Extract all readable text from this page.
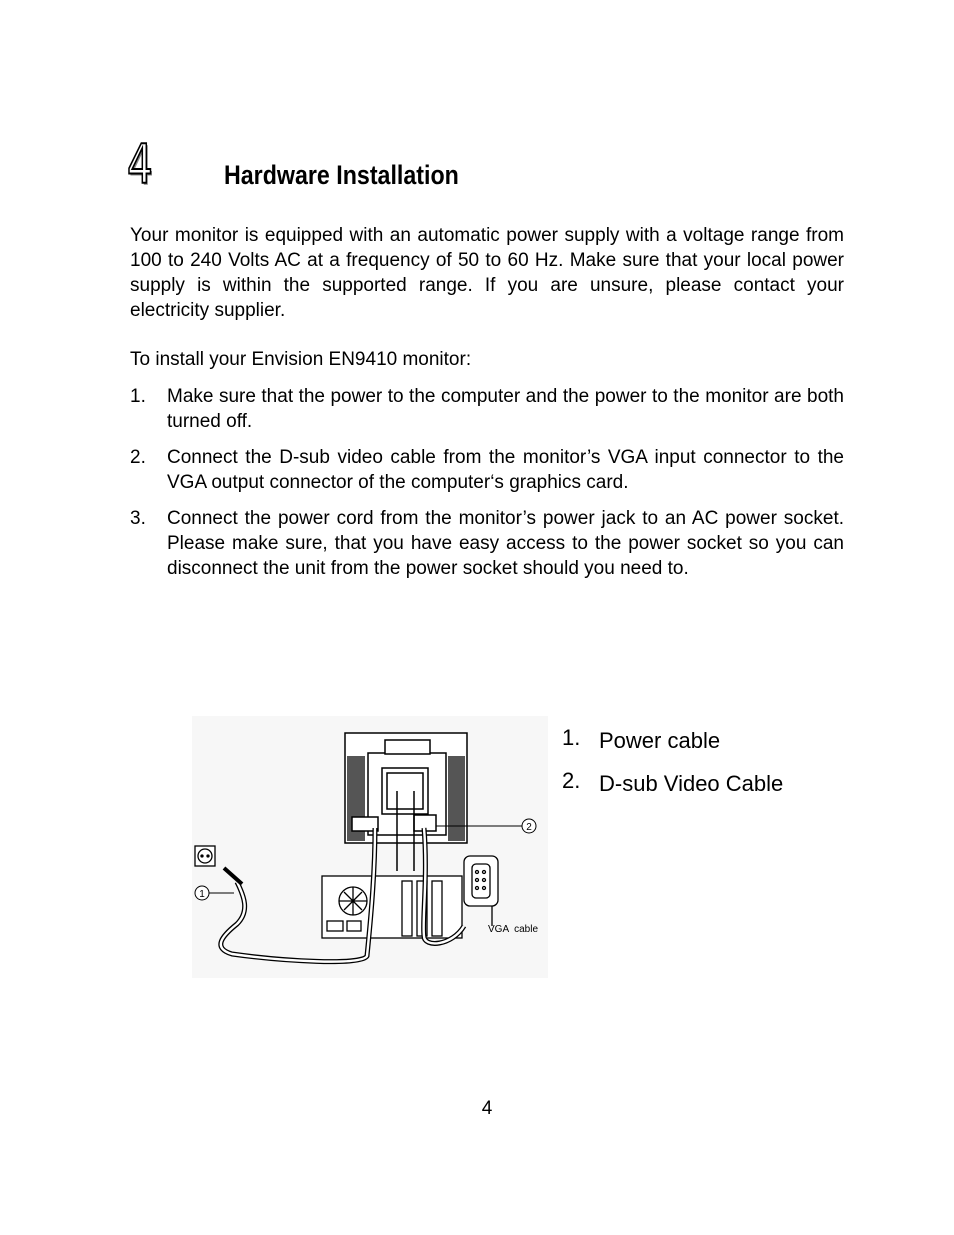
4	Hardware Installation

Your monitor is equipped with an automatic power supply with a voltage range from 100 to 240 Volts AC at a frequency of 50 to 60 Hz. Make sure that your local power supply is within the supported range. If you are unsure, please contact your electricity supplier.

To install your Envision EN9410 monitor:

1. Make sure that the power to the computer and the power to the monitor are both turned off.
2. Connect the D-sub video cable from the monitor’s VGA input connector to the VGA output connector of the computer‘s graphics card.
3. Connect the power cord from the monitor’s power jack to an AC power socket. Please make sure, that you have easy access to the power socket so you can disconnect the unit from the power socket should you need to.
2
1
VGA  cable
1. Power cable
2. D-sub Video Cable
4
